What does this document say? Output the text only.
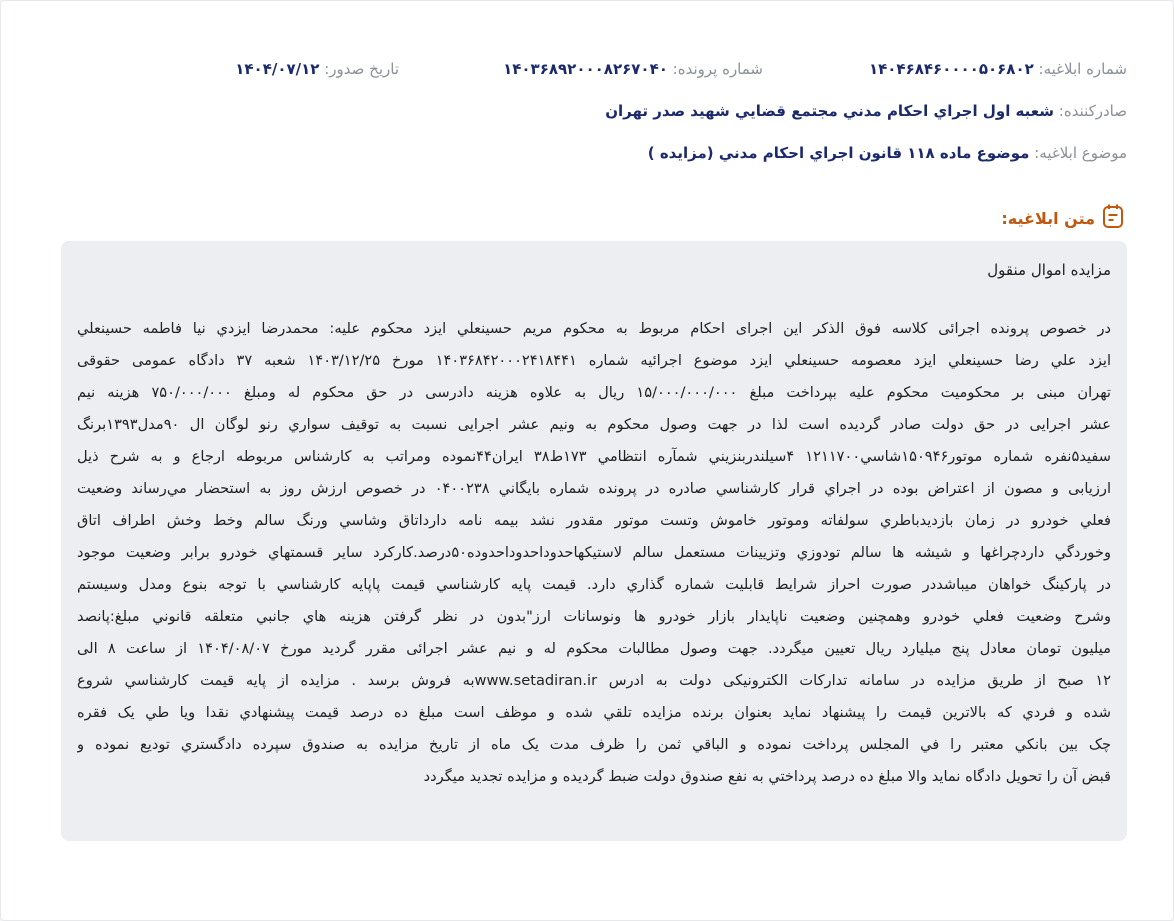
شماره ابلاغیه: ۱۴۰۴۶۸۴۶۰۰۰۰۵۰۶۸۰۲
شماره پرونده: ۱۴۰۳۶۸۹۲۰۰۰۸۲۶۷۰۴۰
تاریخ صدور: ۱۴۰۴/۰۷/۱۲
صادرکننده: شعبه اول اجراي احكام مدني مجتمع قضايي شهيد صدر تهران
موضوع ابلاغیه: موضوع ماده ۱۱۸ قانون اجراي احكام مدني (مزايده )
متن ابلاغیه:
مزایده اموال منقول
در خصوص پرونده اجرائی کلاسه فوق الذکر این اجرای احکام مربوط به محکوم مریم حسینعلي ایزد محکوم علیه: محمدرضا ايزدي نيا فاطمه حسينعلي
ايزد علي رضا حسينعلي ايزد معصومه حسينعلي ايزد موضوع اجرائیه شماره ۱۴۰۳۶۸۴۲۰۰۰۲۴۱۸۴۴۱ مورخ ۱۴۰۳/۱۲/۲۵ شعبه ۳۷ دادگاه عمومی حقوقی
تهران مبنی بر محکومیت محکوم علیه بپرداخت مبلغ ۱۵/۰۰۰/۰۰۰/۰۰۰ ریال به علاوه هزینه دادرسی در حق محکوم له ومبلغ ۷۵۰/۰۰۰/۰۰۰ هزینه نیم
عشر اجرایی در حق دولت صادر گردیده است لذا در جهت وصول محکوم به ونیم عشر اجرایی نسبت به توقيف سواري رنو لوگان ال ۹۰مدل۱۳۹۳برنگ
سفيد۵نفره شماره موتور۱۵۰۹۴۶شاسي۱۲۱۱۷۰۰ ۴سيلندربنزيني شمآره انتظامي ۱۷۳ط۳۸ ايران۴۴نموده ومراتب به کارشناس مربوطه ارجاع و به شرح ذیل
ارزیابی و مصون از اعتراض بوده در اجراي قرار كارشناسي صادره در پرونده شماره بايگاني ۰۴۰۰۲۳۸ در خصوص ارزش روز به استحضار مي‌رساند وضعيت
فعلي خودرو در زمان بازديدباطري سولفاته وموتور خاموش وتست موتور مقدور نشد بيمه نامه دارداتاق وشاسي ورنگ سالم وخط وخش اطراف اتاق
وخوردگي داردچراغها و شيشه ها سالم تودوزي وتزيينات مستعمل سالم لاستيكهاحدوداحدوداحدوده۵۰درصد.كاركرد ساير قسمتهاي خودرو برابر وضعيت موجود
در پاركينگ خواهان ميباشددر صورت احراز شرايط قابليت شماره گذاري دارد. قيمت پايه كارشناسي قيمت پاپايه كارشناسي با توجه بنوع ومدل وسيستم
وشرح وضعيت فعلي خودرو وهمچنين وضعيت ناپايدار بازار خودرو ها ونوسانات ارز"بدون در نظر گرفتن هزينه هاي جانبي متعلقه قانوني مبلغ:پانصد
ميليون تومان معادل پنج ميليارد ريال تعيين ميگردد. جهت وصول مطالبات محکوم له و نیم عشر اجرائی مقرر گردید مورخ ۱۴۰۴/۰۸/۰۷ از ساعت ۸ الی
۱۲ صبح از طریق مزایده در سامانه تدارکات الکترونیکی دولت به ادرس www.setadiran.irبه فروش برسد . مزايده از پايه قيمت كارشناسي شروع
شده و فردي كه بالاترين قيمت را پيشنهاد نمايد بعنوان برنده مزايده تلقي شده و موظف است مبلغ ده درصد قيمت پيشنهادي نقدا ويا طي يک فقره
چک بين بانكي معتبر را في المجلس پرداخت نموده و الباقي ثمن را ظرف مدت يک ماه از تاريخ مزايده به صندوق سپرده دادگستري توديع نموده و
قبض آن را تحويل دادگاه نمايد والا مبلغ ده درصد پرداختي به نفع صندوق دولت ضبط گرديده و مزايده تجديد ميگردد
